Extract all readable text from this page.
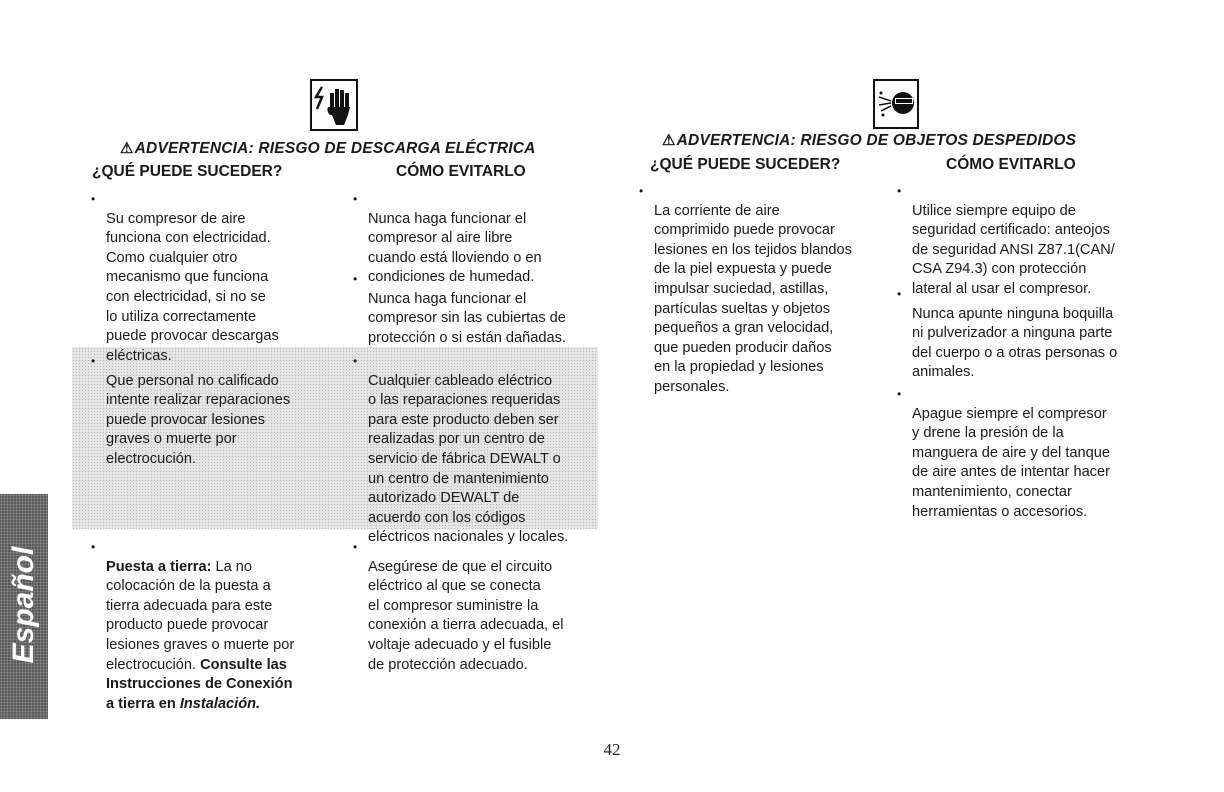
⚠ADVERTENCIA: RIESGO DE DESCARGA ELÉCTRICA
¿QUÉ PUEDE SUCEDER?	CÓMO EVITARLO

•
Su compresor de aire
funciona con electricidad.
Como cualquier otro
mecanismo que funciona
con electricidad, si no se
lo utiliza correctamente
puede provocar descargas
eléctricas.

•
Nunca haga funcionar el
compresor al aire libre
cuando está lloviendo o en
condiciones de humedad.

•
Nunca haga funcionar el
compresor sin las cubiertas de
protección o si están dañadas.

•
Que personal no calificado
intente realizar reparaciones
puede provocar lesiones
graves o muerte por
electrocución.

•
Cualquier cableado eléctrico
o las reparaciones requeridas
para este producto deben ser
realizadas por un centro de
servicio de fábrica DEWALT o
un centro de mantenimiento
autorizado DEWALT de
acuerdo con los códigos
eléctricos nacionales y locales.

•
Puesta a tierra: La no
colocación de la puesta a
tierra adecuada para este
producto puede provocar
lesiones graves o muerte por
electrocución. Consulte las
Instrucciones de Conexión
a tierra en Instalación.

•
Asegúrese de que el circuito
eléctrico al que se conecta
el compresor suministre la
conexión a tierra adecuada, el
voltaje adecuado y el fusible
de protección adecuado.

⚠ADVERTENCIA: RIESGO DE OBJETOS DESPEDIDOS
¿QUÉ PUEDE SUCEDER?	CÓMO EVITARLO

•
La corriente de aire
comprimido puede provocar
lesiones en los tejidos blandos
de la piel expuesta y puede
impulsar suciedad, astillas,
partículas sueltas y objetos
pequeños a gran velocidad,
que pueden producir daños
en la propiedad y lesiones
personales.

•
Utilice siempre equipo de
seguridad certificado: anteojos
de seguridad ANSI Z87.1(CAN/
CSA Z94.3) con protección
lateral al usar el compresor.

•
Nunca apunte ninguna boquilla
ni pulverizador a ninguna parte
del cuerpo o a otras personas o
animales.

•
Apague siempre el compresor
y drene la presión de la
manguera de aire y del tanque
de aire antes de intentar hacer
mantenimiento, conectar
herramientas o accesorios.

Español
42
